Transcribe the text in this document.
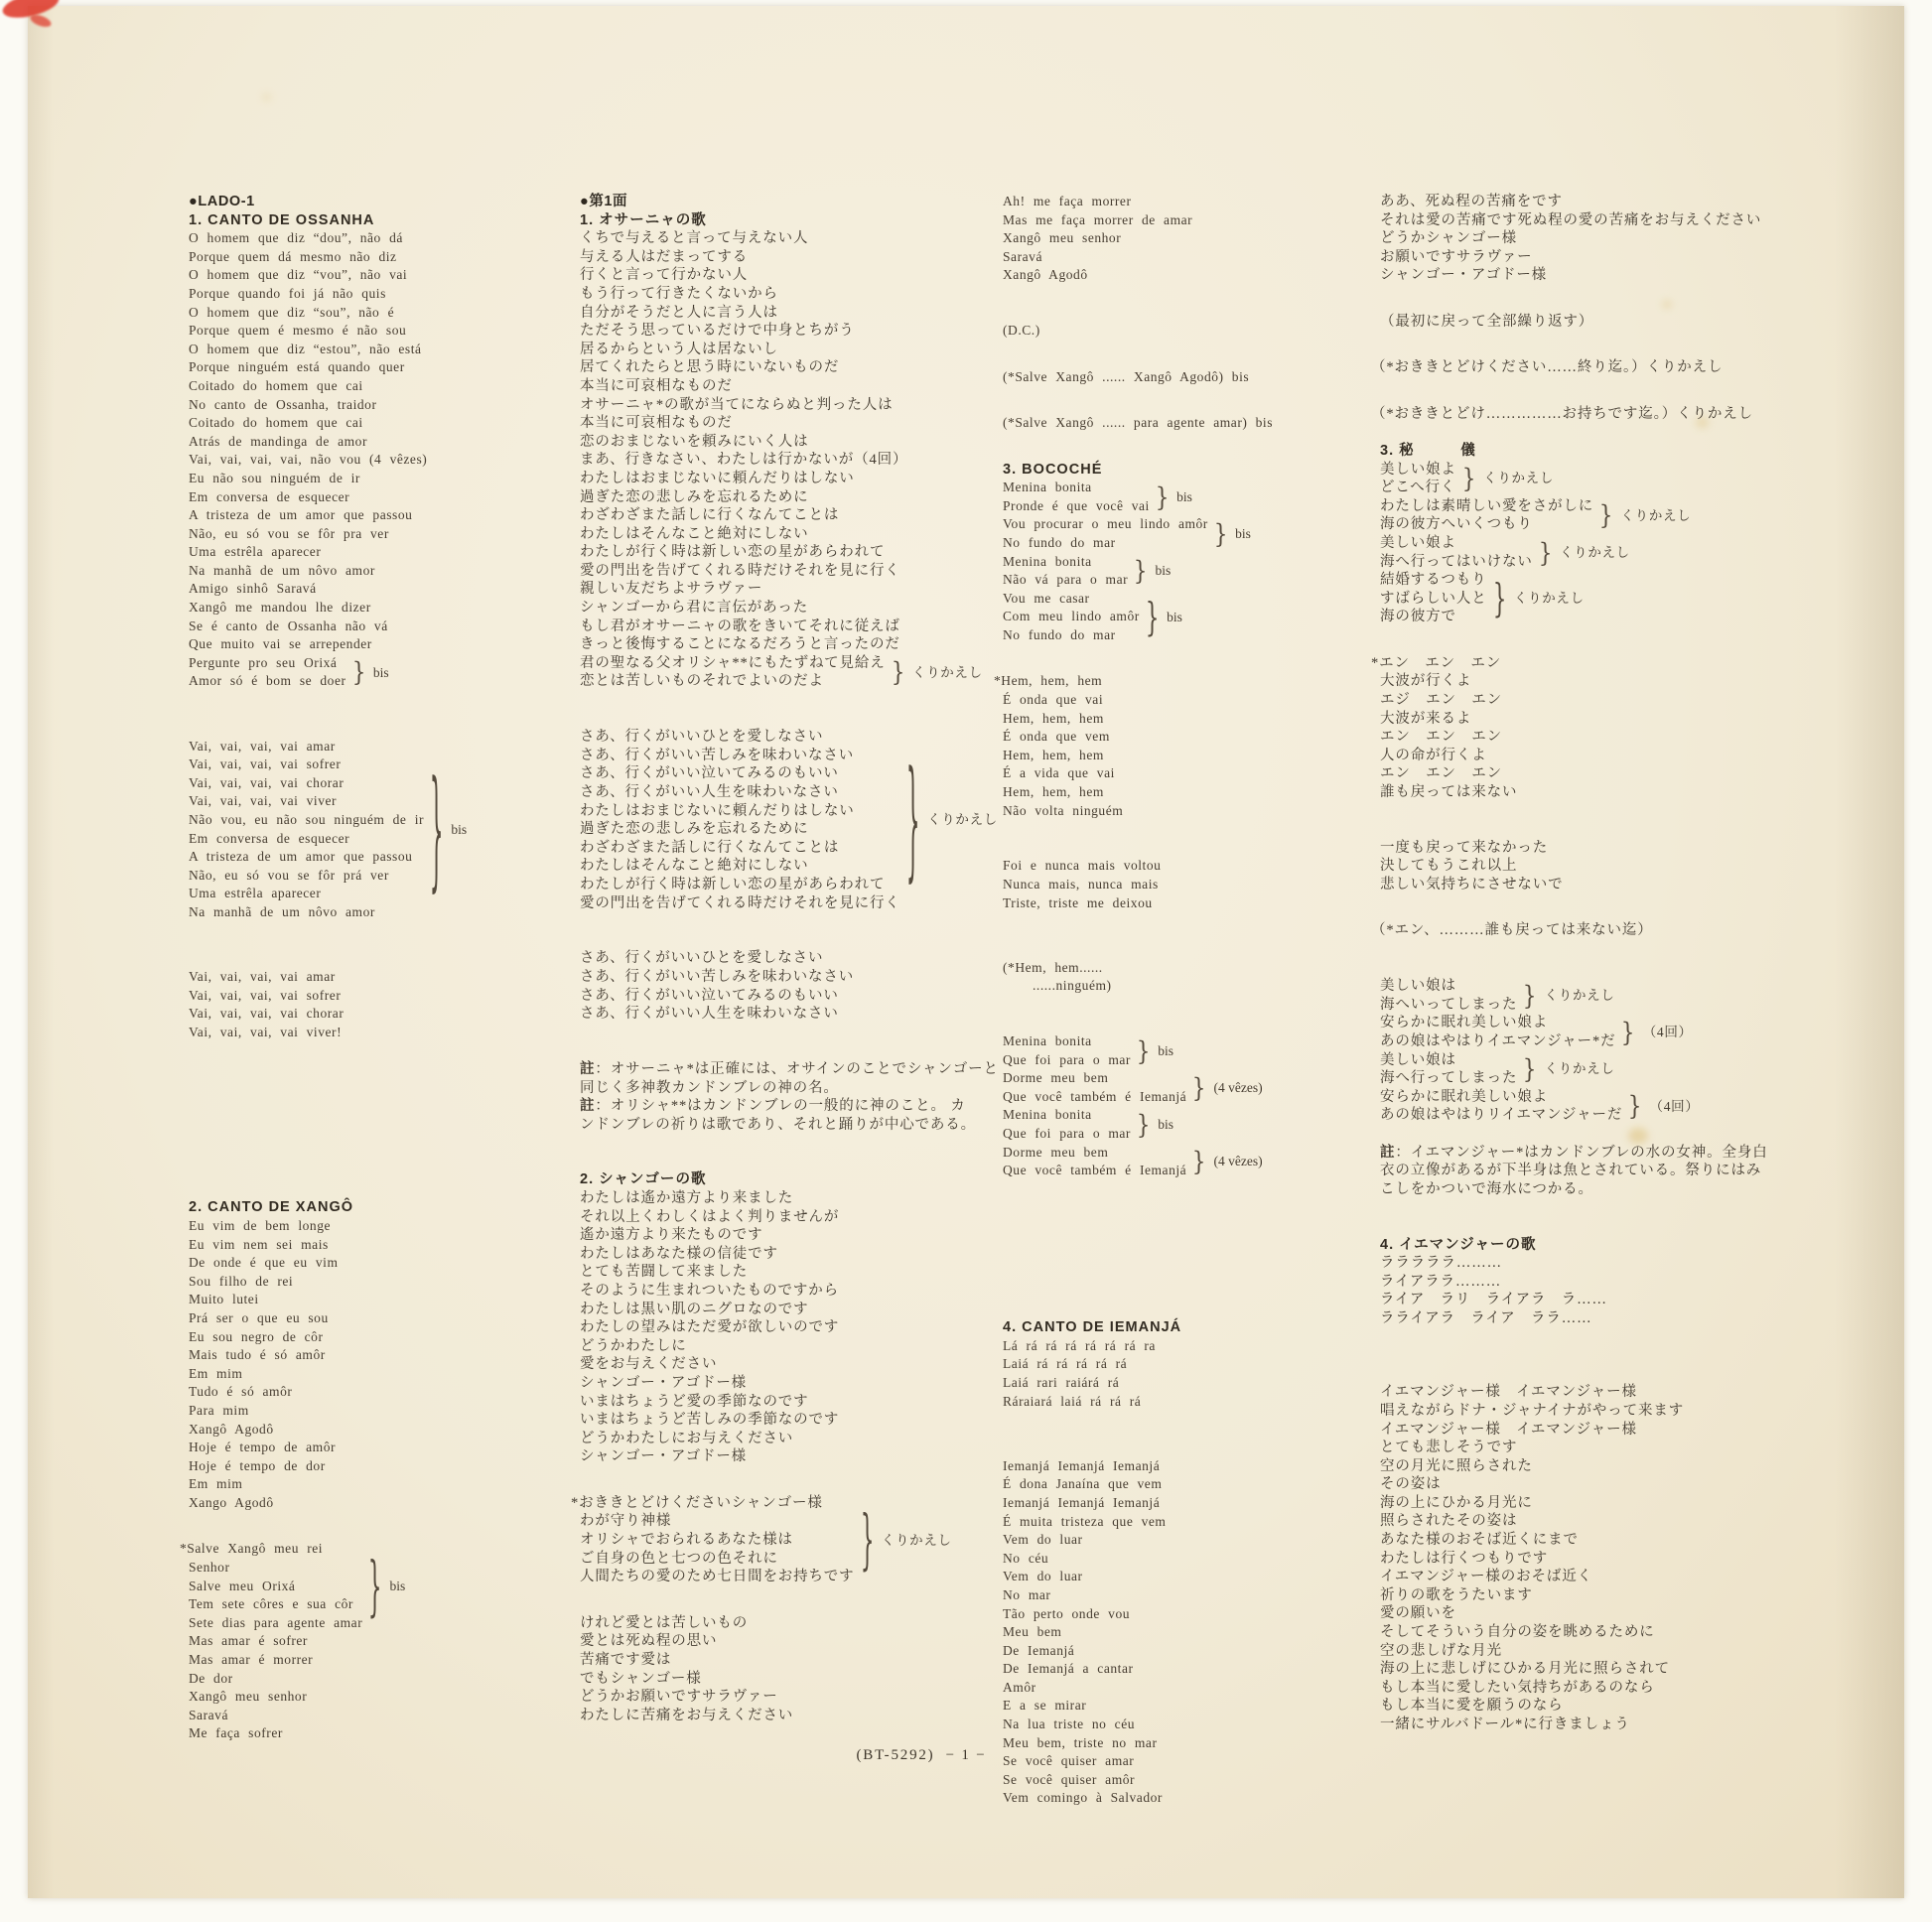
●LADO-1
1. CANTO DE OSSANHA
O homem que diz “dou”, não dá
Porque quem dá mesmo não diz
O homem que diz “vou”, não vai
Porque quando foi já não quis
O homem que diz “sou”, não é
Porque quem é mesmo é não sou
O homem que diz “estou”, não está
Porque ninguém está quando quer
Coitado do homem que cai
No canto de Ossanha, traidor
Coitado do homem que cai
Atrás de mandinga de amor
Vai, vai, vai, vai, não vou (4 vêzes)
Eu não sou ninguém de ir
Em conversa de esquecer
A tristeza de um amor que passou
Não, eu só vou se fôr pra ver
Uma estrêla aparecer
Na manhã de um nôvo amor
Amigo sinhô Saravá
Xangô me mandou lhe dizer
Se é canto de Ossanha não vá
Que muito vai se arrepender
Pergunte pro seu Orixá
Amor só é bom se doer } bis
Vai, vai, vai, vai amar
Vai, vai, vai, vai sofrer
Vai, vai, vai, vai chorar
Vai, vai, vai, vai viver
Não vou, eu não sou ninguém de ir
Em conversa de esquecer
A tristeza de um amor que passou
Não, eu só vou se fôr prá ver
Uma estrêla aparecer
Na manhã de um nôvo amor
} bis
Vai, vai, vai, vai amar
Vai, vai, vai, vai sofrer
Vai, vai, vai, vai chorar
Vai, vai, vai, vai viver!
2. CANTO DE XANGÔ
Eu vim de bem longe
Eu vim nem sei mais
De onde é que eu vim
Sou filho de rei
Muito lutei
Prá ser o que eu sou
Eu sou negro de côr
Mais tudo é só amôr
Em mim
Tudo é só amôr
Para mim
Xangô Agodô
Hoje é tempo de amôr
Hoje é tempo de dor
Em mim
Xango Agodô
*Salve Xangô meu rei
Senhor
Salve meu Orixá
Tem sete côres e sua côr
Sete dias para agente amar } bis
Mas amar é sofrer
Mas amar é morrer
De dor
Xangô meu senhor
Saravá
Me faça sofrer
●第1面
1. オサーニャの歌
くちで与えると言って与えない人
与える人はだまってする
行くと言って行かない人
もう行って行きたくないから
自分がそうだと人に言う人は
ただそう思っているだけで中身とちがう
居るからという人は居ないし
居てくれたらと思う時にいないものだ
本当に可哀相なものだ
オサーニャ*の歌が当てにならぬと判った人は
本当に可哀相なものだ
恋のおまじないを頼みにいく人は
まあ、行きなさい、わたしは行かないが（4回）
わたしはおまじないに頼んだりはしない
過ぎた恋の悲しみを忘れるために
わざわざまた話しに行くなんてことは
わたしはそんなこと絶対にしない
わたしが行く時は新しい恋の星があらわれて
愛の門出を告げてくれる時だけそれを見に行く
親しい友だちよサラヴァー
シャンゴーから君に言伝があった
もし君がオサーニャの歌をきいてそれに従えば
きっと後悔することになるだろうと言ったのだ
君の聖なる父オリシャ**にもたずねて見給え
恋とは苦しいものそれでよいのだよ	} くりかえし
さあ、行くがいいひとを愛しなさい
さあ、行くがいい苦しみを味わいなさい
さあ、行くがいい泣いてみるのもいい
さあ、行くがいい人生を味わいなさい
わたしはおまじないに頼んだりはしない
過ぎた恋の悲しみを忘れるために
わざわざまた話しに行くなんてことは
わたしはそんなこと絶対にしない
わたしが行く時は新しい恋の星があらわれて
愛の門出を告げてくれる時だけそれを見に行く
} くりかえし
さあ、行くがいいひとを愛しなさい
さあ、行くがいい苦しみを味わいなさい
さあ、行くがいい泣いてみるのもいい
さあ、行くがいい人生を味わいなさい
註：オサーニャ*は正確には、オサインのことでシャンゴーと
同じく多神教カンドンブレの神の名。
註：オリシャ**はカンドンブレの一般的に神のこと。 カ
ンドンブレの祈りは歌であり、それと踊りが中心である。
2. シャンゴーの歌
わたしは遙か遠方より来ました
それ以上くわしくはよく判りませんが
遙か遠方より来たものです
わたしはあなた様の信徒です
とても苦闘して来ました
そのように生まれついたものですから
わたしは黒い肌のニグロなのです
わたしの望みはただ愛が欲しいのです
どうかわたしに
愛をお与えください
シャンゴー・アゴドー様
いまはちょうど愛の季節なのです
いまはちょうど苦しみの季節なのです
どうかわたしにお与えください
シャンゴー・アゴドー様
*おききとどけくださいシャンゴー様
わが守り神様
オリシャでおられるあなた様は
ご自身の色と七つの色それに
人間たちの愛のため七日間をお持ちです } くりかえし
けれど愛とは苦しいもの
愛とは死ぬ程の思い
苦痛です愛は
でもシャンゴー様
どうかお願いですサラヴァー
わたしに苦痛をお与えください
Ah! me faça morrer
Mas me faça morrer de amar
Xangô meu senhor
Saravá
Xangô Agodô
(D.C.)
(*Salve Xangô ...... Xangô Agodô) bis
(*Salve Xangô ...... para agente amar) bis
3. BOCOCHÉ
Menina bonita
Pronde é que você vai } bis
Vou procurar o meu lindo amôr
No fundo do mar	} bis
Menina bonita
Não vá para o mar } bis
Vou me casar
Com meu lindo amôr
No fundo do mar	} bis
*Hem, hem, hem
É onda que vai
Hem, hem, hem
É onda que vem
Hem, hem, hem
É a vida que vai
Hem, hem, hem
Não volta ninguém
Foi e nunca mais voltou
Nunca mais, nunca mais
Triste, triste me deixou
(*Hem, hem......
......ninguém)
Menina bonita
Que foi para o mar } bis
Dorme meu bem
Que você também é Iemanjá } (4 vêzes)
Menina bonita
Que foi para o mar } bis
Dorme meu bem
Que você também é Iemanjá } (4 vêzes)
4. CANTO DE IEMANJÁ
Lá rá rá rá rá rá rá ra
Laiá rá rá rá rá rá
Laiá rari raiárá rá
Ráraiará laiá rá rá rá
Iemanjá Iemanjá Iemanjá
É dona Janaína que vem
Iemanjá Iemanjá Iemanjá
É muita tristeza que vem
Vem do luar
No céu
Vem do luar
No mar
Tão perto onde vou
Meu bem
De Iemanjá
De Iemanjá a cantar
Amôr
E a se mirar
Na lua triste no céu
Meu bem, triste no mar
Se você quiser amar
Se você quiser amôr
Vem comingo à Salvador
ああ、死ぬ程の苦痛をです
それは愛の苦痛です死ぬ程の愛の苦痛をお与えください
どうかシャンゴー様
お願いですサラヴァー
シャンゴー・アゴドー様
（最初に戻って全部繰り返す）
（*おききとどけください……終り迄。）くりかえし
（*おききとどけ……………お持ちです迄。）くりかえし
3. 秘　　　儀
美しい娘よ
どこへ行く } くりかえし
わたしは素晴しい愛をさがしに
海の彼方へいくつもり	} くりかえし
美しい娘よ
海へ行ってはいけない } くりかえし
結婚するつもり
すばらしい人と
海の彼方で	} くりかえし
*エン　エン　エン
大波が行くよ
エジ　エン　エン
大波が来るよ
エン　エン　エン
人の命が行くよ
エン　エン　エン
誰も戻っては来ない
一度も戻って来なかった
決してもうこれ以上
悲しい気持ちにさせないで
（*エン、………誰も戻っては来ない迄）
美しい娘は
海へいってしまった } くりかえし
安らかに眠れ美しい娘よ
あの娘はやはりイエマンジャー*だ } （4回）
美しい娘は
海へ行ってしまった } くりかえし
安らかに眠れ美しい娘よ
あの娘はやはりリイエマンジャーだ } （4回）
註：イエマンジャー*はカンドンブレの水の女神。全身白
衣の立像があるが下半身は魚とされている。祭りにはみ
こしをかついで海水につかる。
4. イエマンジャーの歌
ラララララ………
ライアララ………
ライア　ラリ　ライアラ　ラ……
ラライアラ　ライア　ララ……
イエマンジャー様　イエマンジャー様
唱えながらドナ・ジャナイナがやって来ます
イエマンジャー様　イエマンジャー様
とても悲しそうです
空の月光に照らされた
その姿は
海の上にひかる月光に
照らされたその姿は
あなた様のおそば近くにまで
わたしは行くつもりです
イエマンジャー様のおそば近く
祈りの歌をうたいます
愛の願いを
そしてそういう自分の姿を眺めるために
空の悲しげな月光
海の上に悲しげにひかる月光に照らされて
もし本当に愛したい気持ちがあるのなら
もし本当に愛を願うのなら
一緒にサルバドール*に行きましょう
(BT-5292)  − 1 −
